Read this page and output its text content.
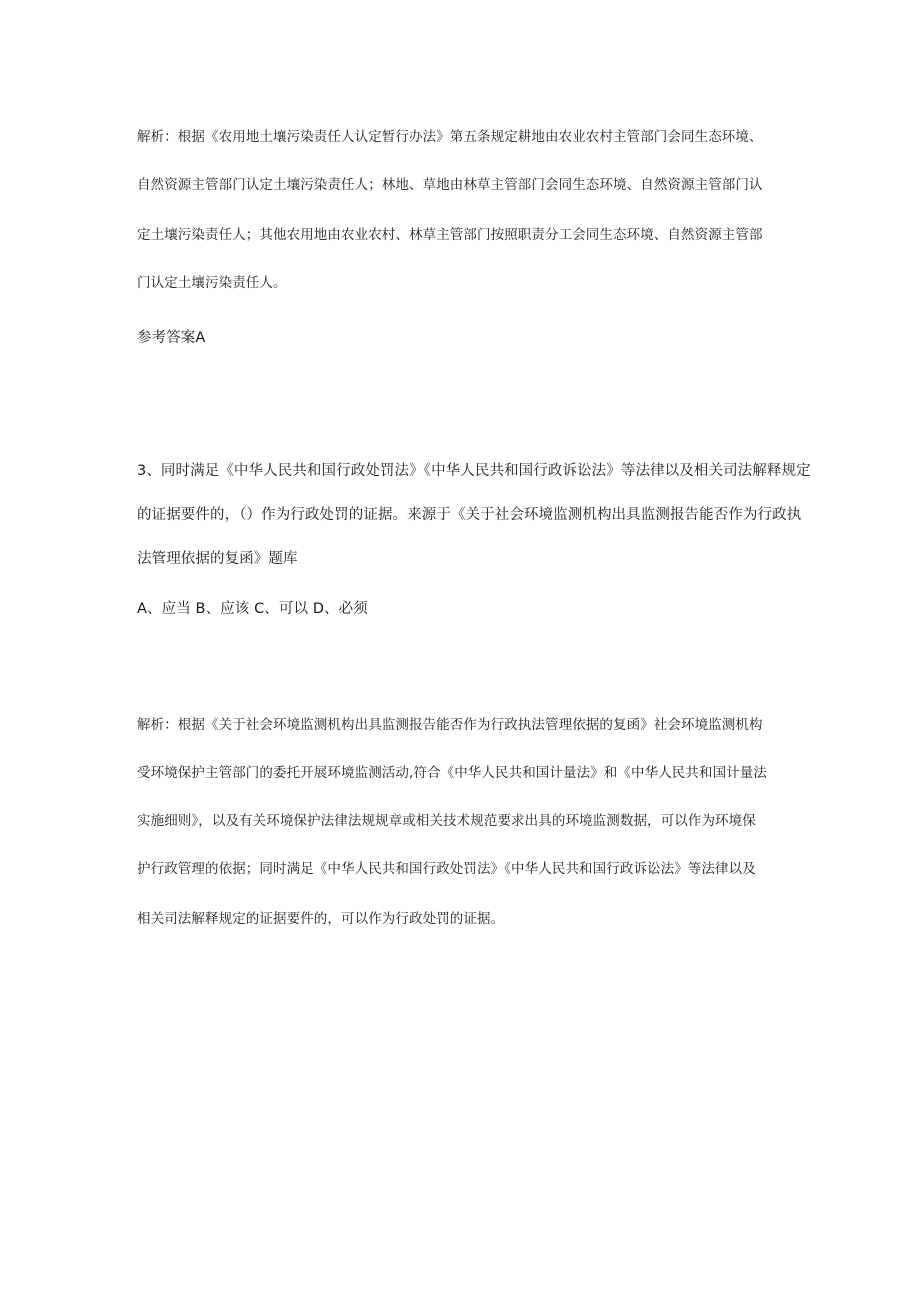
解析：根据《农用地土壤污染责任人认定暂行办法》第五条规定耕地由农业农村主管部门会同生态环境、
自然资源主管部门认定土壤污染责任人；林地、草地由林草主管部门会同生态环境、自然资源主管部门认
定土壤污染责任人；其他农用地由农业农村、林草主管部门按照职责分工会同生态环境、自然资源主管部
门认定土壤污染责任人。
参考答案A
3、同时满足《中华人民共和国行政处罚法》《中华人民共和国行政诉讼法》等法律以及相关司法解释规定
的证据要件的，（）作为行政处罚的证据。来源于《关于社会环境监测机构出具监测报告能否作为行政执
法管理依据的复函》题库
A、应当 B、应该 C、可以 D、必须
解析：根据《关于社会环境监测机构出具监测报告能否作为行政执法管理依据的复函》社会环境监测机构
受环境保护主管部门的委托开展环境监测活动,符合《中华人民共和国计量法》和《中华人民共和国计量法
实施细则》，以及有关环境保护法律法规规章或相关技术规范要求出具的环境监测数据，可以作为环境保
护行政管理的依据；同时满足《中华人民共和国行政处罚法》《中华人民共和国行政诉讼法》等法律以及
相关司法解释规定的证据要件的，可以作为行政处罚的证据。
